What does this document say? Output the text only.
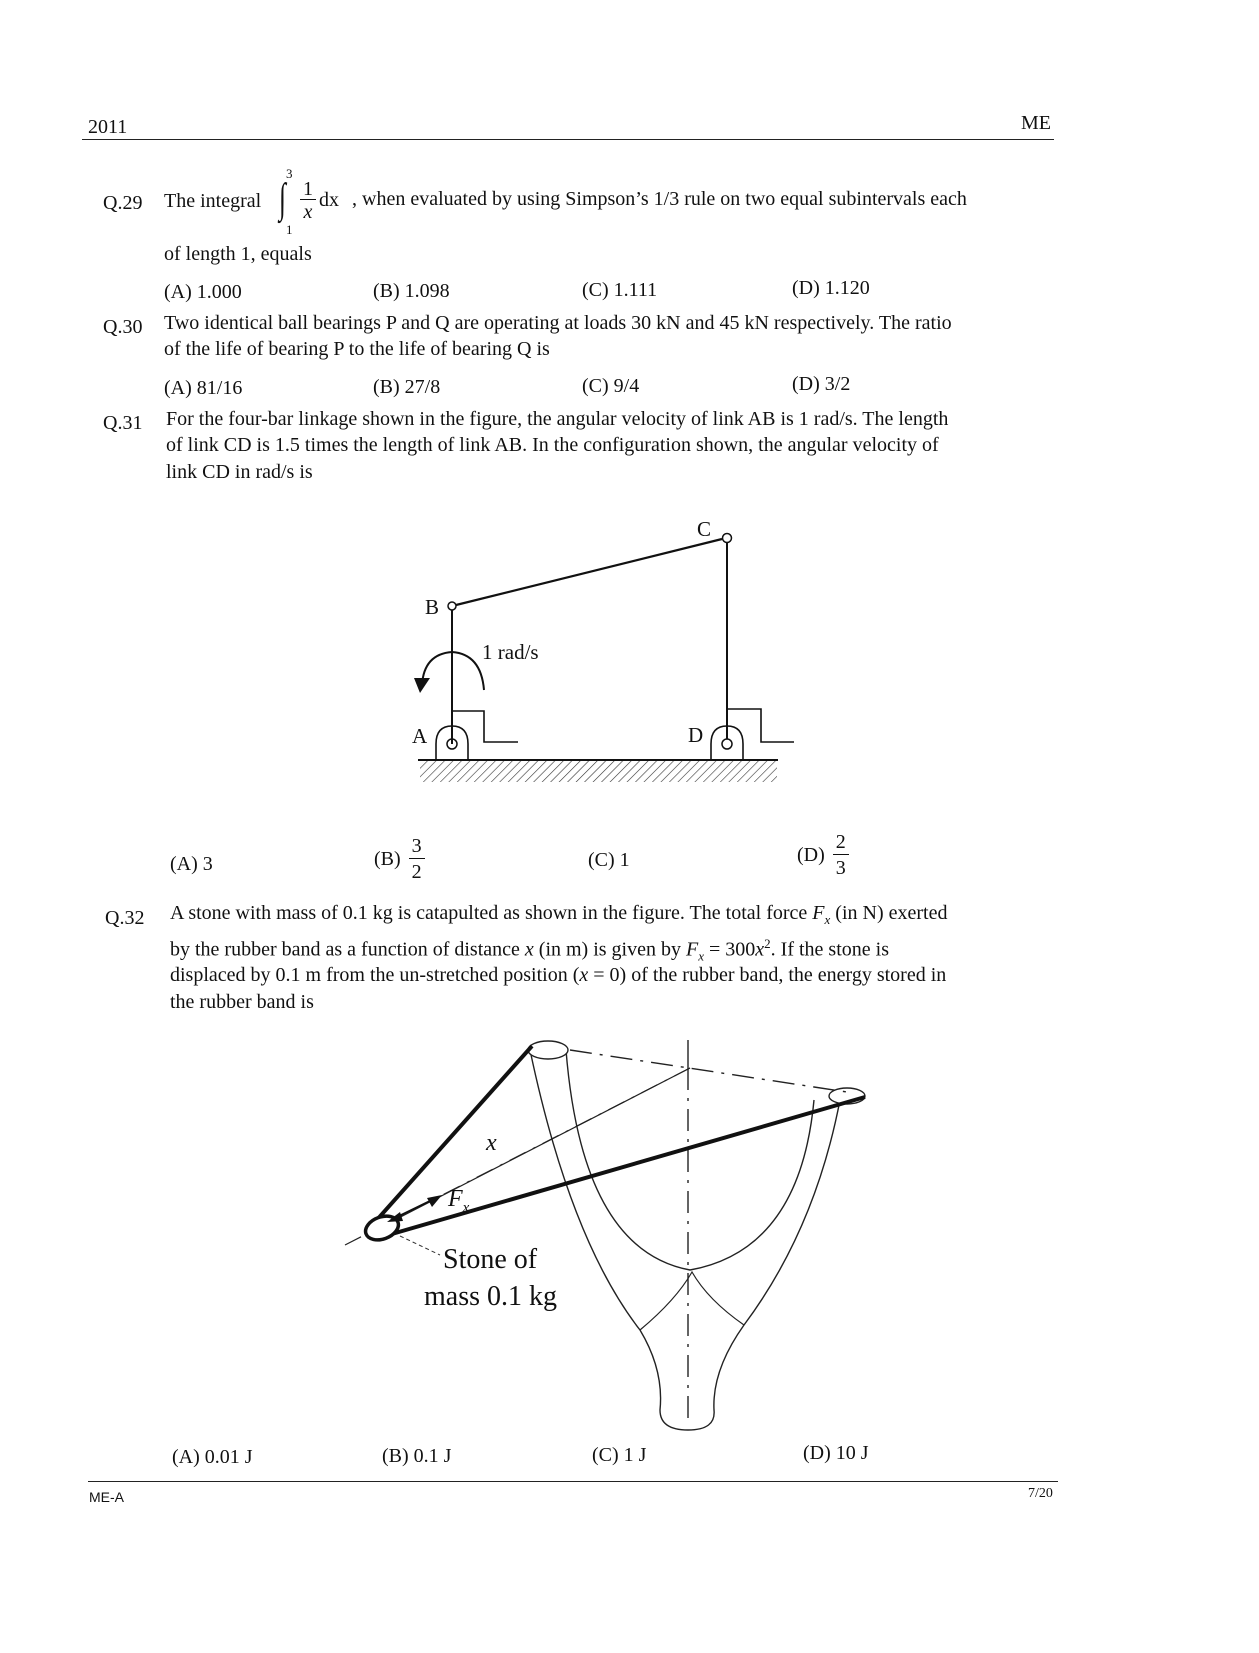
2011	ME
Q.29 The integral
3
∫
1
1
x
dx , when evaluated by using Simpson’s 1/3 rule on two equal subintervals each
of length 1, equals
(A) 1.000	(B) 1.098	(C) 1.111	(D) 1.120
Q.30 Two identical ball bearings P and Q are operating at loads 30 kN and 45 kN respectively. The ratio
of the life of bearing P to the life of bearing Q is
(A) 81/16	(B) 27/8	(C) 9/4	(D) 3/2
Q.31 For the four-bar linkage shown in the figure, the angular velocity of link AB is 1 rad/s. The length
of link CD is 1.5 times the length of link AB. In the configuration shown, the angular velocity of
link CD in rad/s is
A
B
C
D
1 rad/s
(A) 3	$(B) \frac{3}{2}$	(C) 1	$(D) \frac{2}{3}$
Q.32 A stone with mass of 0.1 kg is catapulted as shown in the figure. The total force $F_x$ (in N) exerted
by the rubber band as a function of distance x (in m) is given by $F_x = 300x^2$. If the stone is
displaced by 0.1 m from the un-stretched position (x = 0) of the rubber band, the energy stored in
the rubber band is
x
$F_x$
Stone of
mass 0.1 kg
(A) 0.01 J	(B) 0.1 J	(C) 1 J	(D) 10 J
ME-A	7/20
